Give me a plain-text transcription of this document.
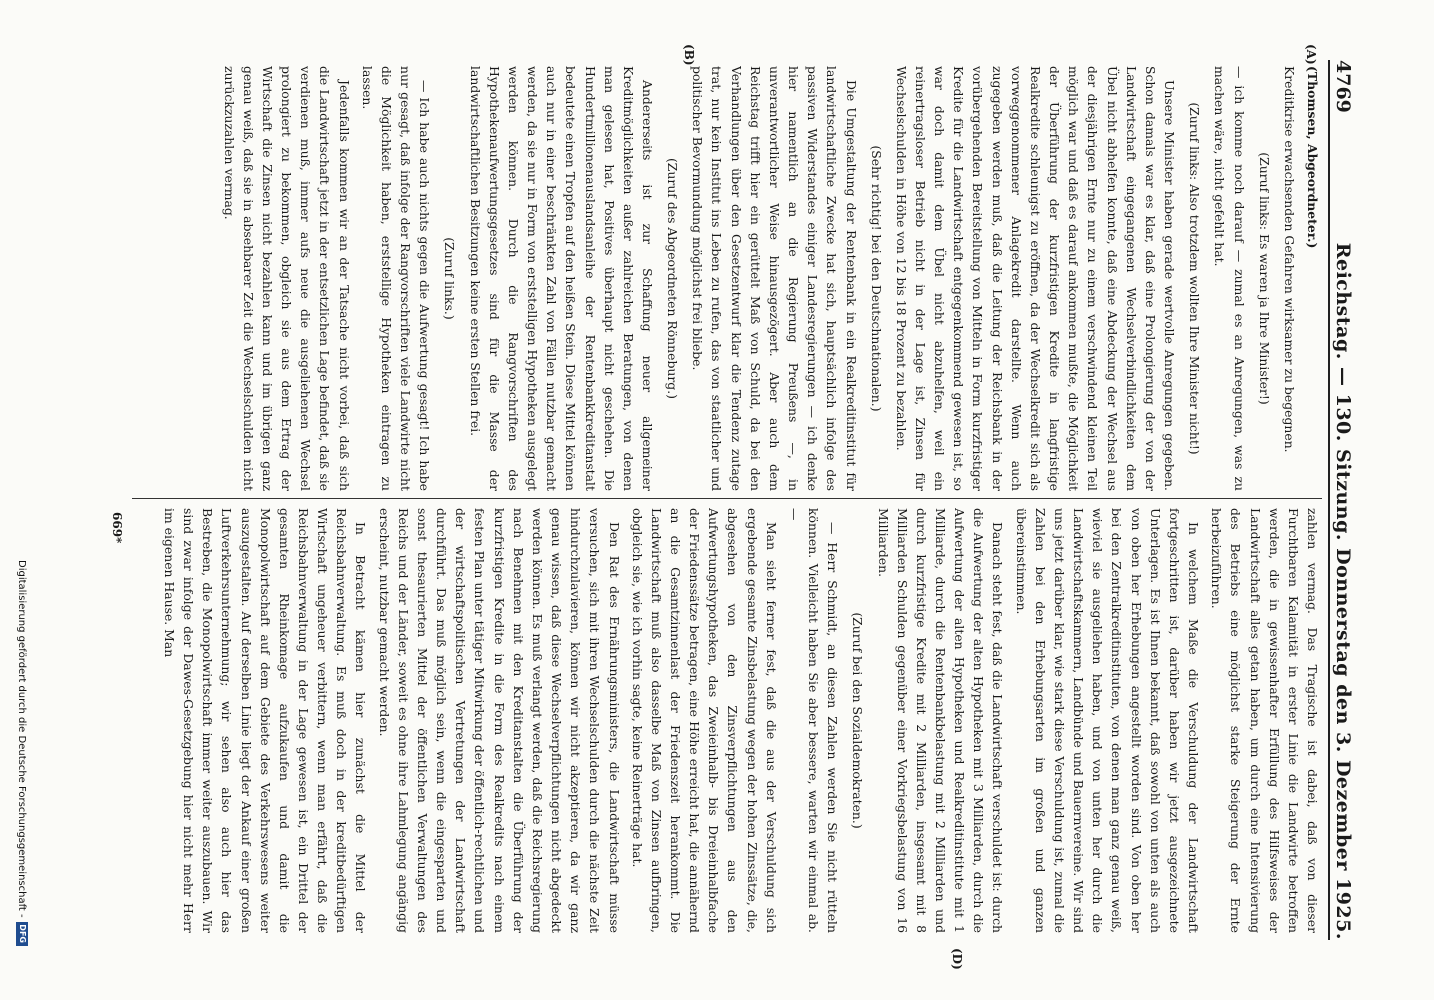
4769
Reichstag. — 130. Sitzung. Donnerstag den 3. Dezember 1925.
(A)
(B)
(D)

(Thomsen, Abgeordneter.)

Kreditkrise erwachsenden Gefahren wirksamer zu begegnen.

(Zuruf links: Es waren ja Ihre Minister!)

— ich komme noch darauf — zumal es an Anregungen, was zu machen wäre, nicht gefehlt hat.

(Zuruf links: Also trotzdem wollten Ihre Minister nicht!)

Unsere Minister haben gerade wertvolle Anregungen gegeben. Schon damals war es klar, daß eine Prolongierung der von der Landwirtschaft eingegangenen Wechselverbindlichkeiten dem Übel nicht abhelfen konnte, daß eine Abdeckung der Wechsel aus der diesjährigen Ernte nur zu einem verschwindend kleinen Teil möglich war und daß es darauf ankommen mußte, die Möglichkeit der Überführung der kurzfristigen Kredite in langfristige Realkredite schleunigst zu eröffnen, da der Wechselkredit sich als vorweggenommener Anlagekredit darstellte. Wenn auch zugegeben werden muß, daß die Leitung der Reichsbank in der vorübergehenden Bereitstellung von Mitteln in Form kurzfristiger Kredite für die Landwirtschaft entgegenkommend gewesen ist, so war doch damit dem Übel nicht abzuhelfen, weil ein reinertragsloser Betrieb nicht in der Lage ist, Zinsen für Wechselschulden in Höhe von 12 bis 18 Prozent zu bezahlen.

(Sehr richtig! bei den Deutschnationalen.)

Die Umgestaltung der Rentenbank in ein Realkreditinstitut für landwirtschaftliche Zwecke hat sich, hauptsächlich infolge des passiven Widerstandes einiger Landesregierungen — ich denke hier namentlich an die Regierung Preußens —, in unverantwortlicher Weise hinausgezögert. Aber auch dem Reichstag trifft hier ein gerüttelt Maß von Schuld, da bei den Verhandlungen über den Gesetzentwurf klar die Tendenz zutage trat, nur kein Institut ins Leben zu rufen, das von staatlicher und politischer Bevormundung möglichst frei bliebe.

(Zuruf des Abgeordneten Rönneburg.)

Andererseits ist zur Schaffung neuer allgemeiner Kreditmöglichkeiten außer zahlreichen Beratungen, von denen man gelesen hat, Positives überhaupt nicht geschehen. Die Hundertmillionenauslandsanleihe der Rentenbankkreditanstalt bedeutete einen Tropfen auf den heißen Stein. Diese Mittel können auch nur in einer beschränkten Zahl von Fällen nutzbar gemacht werden, da sie nur in Form von erststelligen Hypotheken ausgelegt werden können. Durch die Rangvorschriften des Hypothekenaufwertungsgesetzes sind für die Masse der landwirtschaftlichen Besitzungen keine ersten Stellen frei.

(Zuruf links.)

— Ich habe auch nichts gegen die Aufwertung gesagt! Ich habe nur gesagt, daß infolge der Rangvorschriften viele Landwirte nicht die Möglichkeit haben, erststellige Hypotheken eintragen zu lassen.

Jedenfalls kommen wir an der Tatsache nicht vorbei, daß sich die Landwirtschaft jetzt in der entsetzlichen Lage befindet, daß sie verdienen muß, immer aufs neue die ausgeliehenen Wechsel prolongiert zu bekommen, obgleich sie aus dem Ertrag der Wirtschaft die Zinsen nicht bezahlen kann und im übrigen ganz genau weiß, daß sie in absehbarer Zeit die Wechselschulden nicht zurückzuzahlen vermag.

zahlen vermag. Das Tragische ist dabei, daß von dieser Furchtbaren Kalamität in erster Linie die Landwirte betroffen werden, die in gewissenhafter Erfüllung des Hilfsweises der Landwirtschaft alles getan haben, um durch eine Intensivierung des Betriebs eine möglichst starke Steigerung der Ernte herbeizuführen.

In welchem Maße die Verschuldung der Landwirtschaft fortgeschritten ist, darüber haben wir jetzt ausgezeichnete Unterlagen. Es ist Ihnen bekannt, daß sowohl von unten als auch von oben her Erhebungen angestellt worden sind. Von oben her bei den Zentralkreditinstituten, von denen man ganz genau weiß, wieviel sie ausgeliehen haben, und von unten her durch die Landwirtschaftskammern, Landbünde und Bauernvereine. Wir sind uns jetzt darüber klar, wie stark diese Verschuldung ist, zumal die Zahlen bei den Erhebungsarten im großen und ganzen übereinstimmen.

Danach steht fest, daß die Landwirtschaft verschuldet ist: durch die Aufwertung der alten Hypotheken mit 3 Milliarden, durch die Aufwertung der alten Hypotheken und Realkreditinstitute mit 1 Milliarde, durch die Rentenbankbelastung mit 2 Milliarden und durch kurzfristige Kredite mit 2 Milliarden, insgesamt mit 8 Milliarden Schulden gegenüber einer Vorkriegsbelastung von 16 Milliarden.

(Zuruf bei den Sozialdemokraten.)

— Herr Schmidt, an diesen Zahlen werden Sie nicht rütteln können. Vielleicht haben Sie aber bessere, warten wir einmal ab. —

Man sieht ferner fest, daß die aus der Verschuldung sich ergebende gesamte Zinsbelastung wegen der hohen Zinssätze, die, abgesehen von den Zinsverpflichtungen aus den Aufwertungshypotheken, das Zweieinhalb- bis Dreieinhalbfache der Friedenssätze betragen, eine Höhe erreicht hat, die annähernd an die Gesamtzinnenlast der Friedenszeit herankommt. Die Landwirtschaft muß also dasselbe Maß von Zinsen aufbringen, obgleich sie, wie ich vorhin sagte, keine Reinerträge hat.

Den Rat des Ernährungsministers, die Landwirtschaft müsse versuchen, sich mit ihren Wechselschulden durch die nächste Zeit hindurchzulavieren, können wir nicht akzeptieren, da wir ganz genau wissen, daß diese Wechselverpflichtungen nicht abgedeckt werden können. Es muß verlangt werden, daß die Reichsregierung nach Benehmen mit den Kreditanstalten die Überführung der kurzfristigen Kredite in die Form des Realkredits nach einem festen Plan unter tätiger Mitwirkung der öffentlich-rechtlichen und der wirtschaftspolitischen Vertretungen der Landwirtschaft durchführt. Das muß möglich sein, wenn die eingesparten und sonst thesaurierten Mittel der öffentlichen Verwaltungen des Reichs und der Länder, soweit es ohne ihre Lahmlegung angängig erscheint, nutzbar gemacht werden.

In Betracht kämen hier zunächst die Mittel der Reichsbahnverwaltung. Es muß doch in der kreditbedürftigen Wirtschaft ungeheuer verbittern, wenn man erfährt, daß die Reichsbahnverwaltung in der Lage gewesen ist, ein Drittel der gesamten Rheinkomage aufzukaufen und damit die Monopolwirtschaft auf dem Gebiete des Verkehrswesens weiter auszugestalten. Auf derselben Linie liegt der Ankauf einer großen Luftverkehrsunternehmung; wir sehen also auch hier das Bestreben, die Monopolwirtschaft immer weiter auszubauen. Wir sind zwar infolge der Dawes-Gesetzgebung hier nicht mehr Herr im eigenen Hause. Man

669*
Digitalisierung gefördert durch die Deutsche Forschungsgemeinschaft -
DFG
